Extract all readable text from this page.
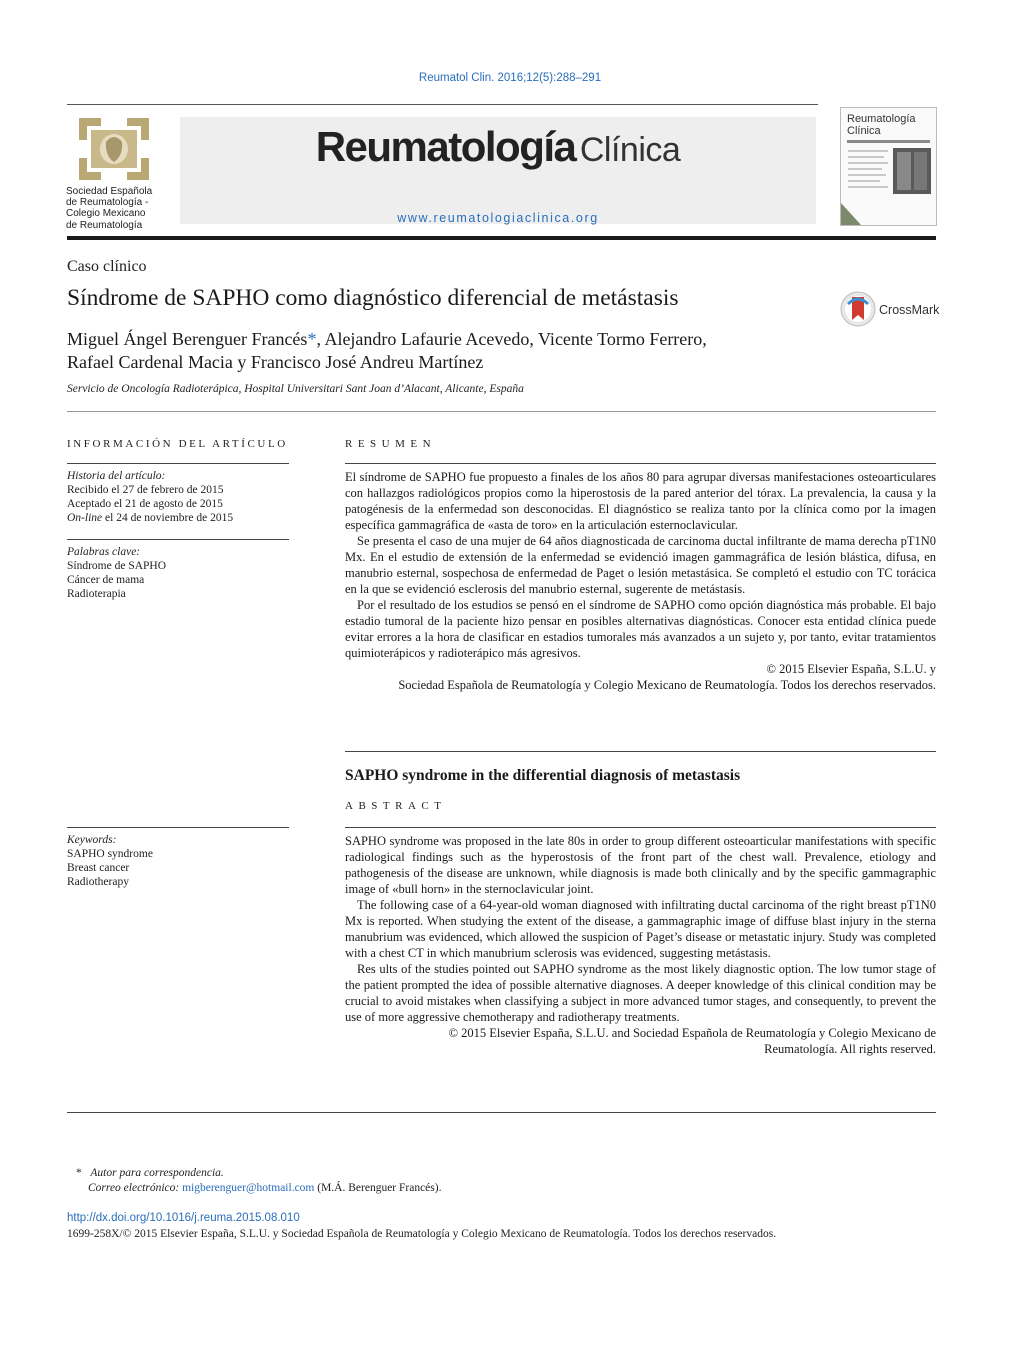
Reumatol Clin. 2016;12(5):288–291
Sociedad Española
de Reumatología -
Colegio Mexicano
de Reumatología
Reumatología Clínica
www.reumatologiaclinica.org
Reumatología
Clínica
Caso clínico
Síndrome de SAPHO como diagnóstico diferencial de metástasis	CrossMark
Miguel Ángel Berenguer Francés*, Alejandro Lafaurie Acevedo, Vicente Tormo Ferrero,
Rafael Cardenal Macia y Francisco José Andreu Martínez
Servicio de Oncología Radioterápica, Hospital Universitari Sant Joan d’Alacant, Alicante, España
INFORMACIÓN DEL ARTÍCULO
Historia del artículo:
Recibido el 27 de febrero de 2015
Aceptado el 21 de agosto de 2015
On-line el 24 de noviembre de 2015
Palabras clave:
Síndrome de SAPHO
Cáncer de mama
Radioterapia
Keywords:
SAPHO syndrome
Breast cancer
Radiotherapy
RESUMEN

El síndrome de SAPHO fue propuesto a finales de los años 80 para agrupar diversas manifestaciones osteoarticulares con hallazgos radiológicos propios como la hiperostosis de la pared anterior del tórax. La prevalencia, la causa y la patogénesis de la enfermedad son desconocidas. El diagnóstico se realiza tanto por la clínica como por la imagen específica gammagráfica de «asta de toro» en la articulación esternoclavicular.

Se presenta el caso de una mujer de 64 años diagnosticada de carcinoma ductal infiltrante de mama derecha pT1N0 Mx. En el estudio de extensión de la enfermedad se evidenció imagen gammagráfica de lesión blástica, difusa, en manubrio esternal, sospechosa de enfermedad de Paget o lesión metastásica. Se completó el estudio con TC torácica en la que se evidenció esclerosis del manubrio esternal, sugerente de metástasis.

Por el resultado de los estudios se pensó en el síndrome de SAPHO como opción diagnóstica más probable. El bajo estadio tumoral de la paciente hizo pensar en posibles alternativas diagnósticas. Conocer esta entidad clínica puede evitar errores a la hora de clasificar en estadios tumorales más avanzados a un sujeto y, por tanto, evitar tratamientos quimioterápicos y radioterápico más agresivos.

© 2015 Elsevier España, S.L.U. y

Sociedad Española de Reumatología y Colegio Mexicano de Reumatología. Todos los derechos reservados.

SAPHO syndrome in the differential diagnosis of metastasis
ABSTRACT

SAPHO syndrome was proposed in the late 80s in order to group different osteoarticular manifestations with specific radiological findings such as the hyperostosis of the front part of the chest wall. Prevalence, etiology and pathogenesis of the disease are unknown, while diagnosis is made both clinically and by the specific gammagraphic image of «bull horn» in the sternoclavicular joint.

The following case of a 64-year-old woman diagnosed with infiltrating ductal carcinoma of the right breast pT1N0 Mx is reported. When studying the extent of the disease, a gammagraphic image of diffuse blast injury in the sterna manubrium was evidenced, which allowed the suspicion of Paget’s disease or metastatic injury. Study was completed with a chest CT in which manubrium sclerosis was evidenced, suggesting metástasis.

Res ults of the studies pointed out SAPHO syndrome as the most likely diagnostic option. The low tumor stage of the patient prompted the idea of possible alternative diagnoses. A deeper knowledge of this clinical condition may be crucial to avoid mistakes when classifying a subject in more advanced tumor stages, and consequently, to prevent the use of more aggressive chemotherapy and radiotherapy treatments.

© 2015 Elsevier España, S.L.U. and Sociedad Española de Reumatología y Colegio Mexicano de

Reumatología. All rights reserved.

* Autor para correspondencia.
Correo electrónico: migberenguer@hotmail.com (M.Á. Berenguer Francés).
http://dx.doi.org/10.1016/j.reuma.2015.08.010
1699-258X/© 2015 Elsevier España, S.L.U. y Sociedad Española de Reumatología y Colegio Mexicano de Reumatología. Todos los derechos reservados.
